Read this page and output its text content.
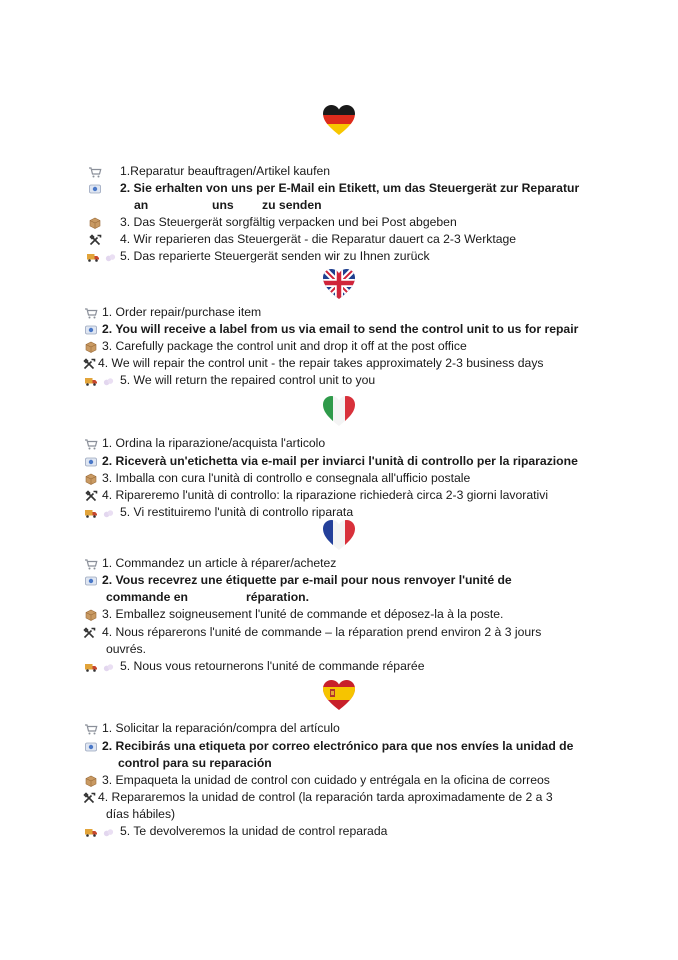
1.Reparatur beauftragen/Artikel kaufen
2. Sie erhalten von uns per E-Mail ein Etikett, um das Steuergerät zur Reparatur
an	uns zu senden
3. Das Steuergerät sorgfältig verpacken und bei Post abgeben
4. Wir reparieren das Steuergerät - die Reparatur dauert ca 2-3 Werktage
5. Das reparierte Steuergerät senden wir zu Ihnen zurück
1. Order repair/purchase item
2. You will receive a label from us via email to send the control unit to us for repair
3. Carefully package the control unit and drop it off at the post office
4. We will repair the control unit - the repair takes approximately 2-3 business days
5. We will return the repaired control unit to you
1. Ordina la riparazione/acquista l'articolo
2. Riceverà un'etichetta via e-mail per inviarci l'unità di controllo per la riparazione
3. Imballa con cura l'unità di controllo e consegnala all'ufficio postale
4. Ripareremo l'unità di controllo: la riparazione richiederà circa 2-3 giorni lavorativi
5. Vi restituiremo l'unità di controllo riparata
1. Commandez un article à réparer/achetez
2. Vous recevrez une étiquette par e-mail pour nous renvoyer l'unité de
commande en	réparation.
3. Emballez soigneusement l'unité de commande et déposez-la à la poste.
4. Nous réparerons l'unité de commande – la réparation prend environ 2 à 3 jours
ouvrés.
5. Nous vous retournerons l'unité de commande réparée
1. Solicitar la reparación/compra del artículo
2. Recibirás una etiqueta por correo electrónico para que nos envíes la unidad de
control para su reparación
3. Empaqueta la unidad de control con cuidado y entrégala en la oficina de correos
4. Repararemos la unidad de control (la reparación tarda aproximadamente de 2 a 3
días hábiles)
5. Te devolveremos la unidad de control reparada
